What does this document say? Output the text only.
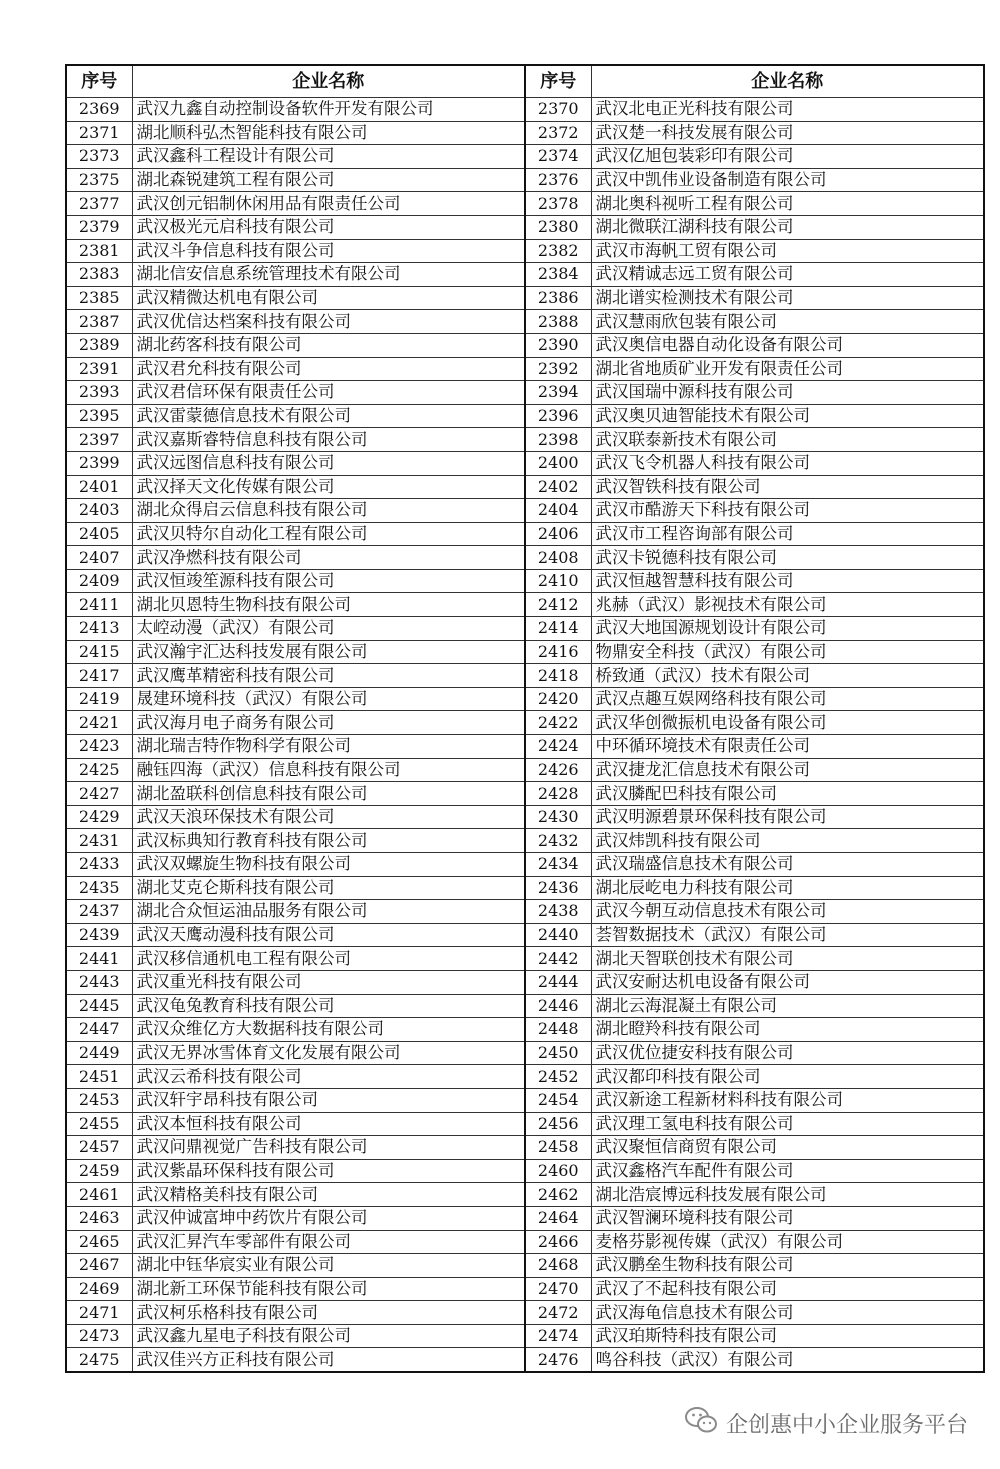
序号	企业名称	序号	企业名称
2369	武汉九鑫自动控制设备软件开发有限公司	2370	武汉北电正光科技有限公司
2371	湖北顺科弘杰智能科技有限公司	2372	武汉楚一科技发展有限公司
2373	武汉鑫科工程设计有限公司	2374	武汉亿旭包装彩印有限公司
2375	湖北森锐建筑工程有限公司	2376	武汉中凯伟业设备制造有限公司
2377	武汉创元铝制休闲用品有限责任公司	2378	湖北奥科视听工程有限公司
2379	武汉极光元启科技有限公司	2380	湖北微联江湖科技有限公司
2381	武汉斗争信息科技有限公司	2382	武汉市海帆工贸有限公司
2383	湖北信安信息系统管理技术有限公司	2384	武汉精诚志远工贸有限公司
2385	武汉精微达机电有限公司	2386	湖北谱实检测技术有限公司
2387	武汉优信达档案科技有限公司	2388	武汉慧雨欣包装有限公司
2389	湖北药客科技有限公司	2390	武汉奥信电器自动化设备有限公司
2391	武汉君允科技有限公司	2392	湖北省地质矿业开发有限责任公司
2393	武汉君信环保有限责任公司	2394	武汉国瑞中源科技有限公司
2395	武汉雷蒙德信息技术有限公司	2396	武汉奥贝迪智能技术有限公司
2397	武汉嘉斯睿特信息科技有限公司	2398	武汉联泰新技术有限公司
2399	武汉远图信息科技有限公司	2400	武汉飞令机器人科技有限公司
2401	武汉择天文化传媒有限公司	2402	武汉智铁科技有限公司
2403	湖北众得启云信息科技有限公司	2404	武汉市酷游天下科技有限公司
2405	武汉贝特尔自动化工程有限公司	2406	武汉市工程咨询部有限公司
2407	武汉净燃科技有限公司	2408	武汉卡锐德科技有限公司
2409	武汉恒竣笙源科技有限公司	2410	武汉恒越智慧科技有限公司
2411	湖北贝恩特生物科技有限公司	2412	兆赫（武汉）影视技术有限公司
2413	太崆动漫（武汉）有限公司	2414	武汉大地国源规划设计有限公司
2415	武汉瀚宇汇达科技发展有限公司	2416	物鼎安全科技（武汉）有限公司
2417	武汉鹰革精密科技有限公司	2418	桥致通（武汉）技术有限公司
2419	晟建环境科技（武汉）有限公司	2420	武汉点趣互娱网络科技有限公司
2421	武汉海月电子商务有限公司	2422	武汉华创微振机电设备有限公司
2423	湖北瑞吉特作物科学有限公司	2424	中环循环境技术有限责任公司
2425	融钰四海（武汉）信息科技有限公司	2426	武汉捷龙汇信息技术有限公司
2427	湖北盈联科创信息科技有限公司	2428	武汉膦配巴科技有限公司
2429	武汉天浪环保技术有限公司	2430	武汉明源碧景环保科技有限公司
2431	武汉标典知行教育科技有限公司	2432	武汉炜凯科技有限公司
2433	武汉双螺旋生物科技有限公司	2434	武汉瑞盛信息技术有限公司
2435	湖北艾克仑斯科技有限公司	2436	湖北辰屹电力科技有限公司
2437	湖北合众恒运油品服务有限公司	2438	武汉今朝互动信息技术有限公司
2439	武汉天鹰动漫科技有限公司	2440	荟智数据技术（武汉）有限公司
2441	武汉移信通机电工程有限公司	2442	湖北天智联创技术有限公司
2443	武汉重光科技有限公司	2444	武汉安耐达机电设备有限公司
2445	武汉龟兔教育科技有限公司	2446	湖北云海混凝土有限公司
2447	武汉众维亿方大数据科技有限公司	2448	湖北瞪羚科技有限公司
2449	武汉无界冰雪体育文化发展有限公司	2450	武汉优位捷安科技有限公司
2451	武汉云希科技有限公司	2452	武汉都印科技有限公司
2453	武汉轩宇昂科技有限公司	2454	武汉新途工程新材料科技有限公司
2455	武汉本恒科技有限公司	2456	武汉理工氢电科技有限公司
2457	武汉问鼎视觉广告科技有限公司	2458	武汉聚恒信商贸有限公司
2459	武汉紫晶环保科技有限公司	2460	武汉鑫格汽车配件有限公司
2461	武汉精格美科技有限公司	2462	湖北浩宸博远科技发展有限公司
2463	武汉仲诚富坤中药饮片有限公司	2464	武汉智澜环境科技有限公司
2465	武汉汇昇汽车零部件有限公司	2466	麦格芬影视传媒（武汉）有限公司
2467	湖北中钰华宸实业有限公司	2468	武汉鹏垒生物科技有限公司
2469	湖北新工环保节能科技有限公司	2470	武汉了不起科技有限公司
2471	武汉柯乐格科技有限公司	2472	武汉海龟信息技术有限公司
2473	武汉鑫九星电子科技有限公司	2474	武汉珀斯特科技有限公司
2475	武汉佳兴方正科技有限公司	2476	鸣谷科技（武汉）有限公司
企创惠中小企业服务平台
